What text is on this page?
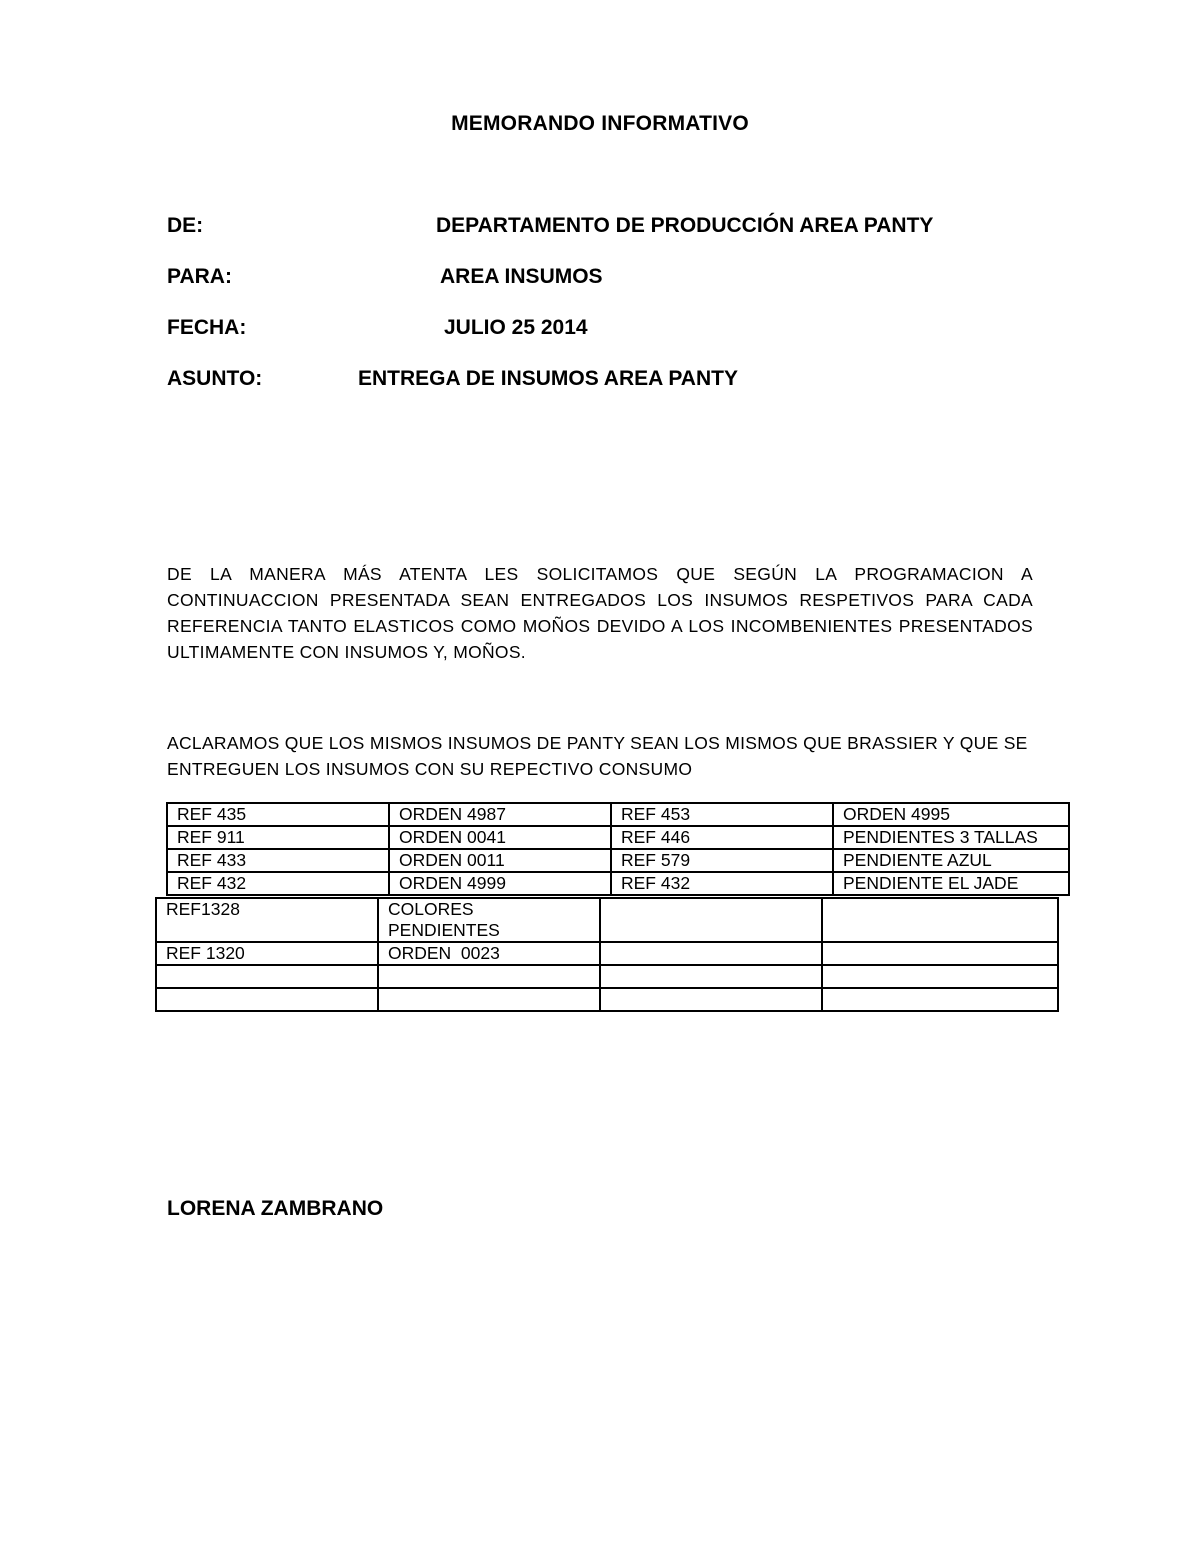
MEMORANDO INFORMATIVO
DE:	DEPARTAMENTO DE PRODUCCIÓN AREA PANTY
PARA:	AREA INSUMOS
FECHA:	JULIO 25 2014
ASUNTO:	ENTREGA DE INSUMOS AREA PANTY

DE LA MANERA MÁS ATENTA LES SOLICITAMOS QUE SEGÚN LA PROGRAMACION A CONTINUACCION PRESENTADA SEAN ENTREGADOS LOS INSUMOS RESPETIVOS PARA CADA REFERENCIA TANTO ELASTICOS COMO MOÑOS DEVIDO A LOS INCOMBENIENTES PRESENTADOS ULTIMAMENTE CON INSUMOS Y, MOÑOS.

ACLARAMOS QUE LOS MISMOS INSUMOS DE PANTY SEAN LOS MISMOS QUE BRASSIER Y QUE SE ENTREGUEN LOS INSUMOS CON SU REPECTIVO CONSUMO

REF 435	ORDEN 4987	REF 453	ORDEN 4995
REF 911	ORDEN 0041	REF 446	PENDIENTES 3 TALLAS
REF 433	ORDEN 0011	REF 579	PENDIENTE AZUL
REF 432	ORDEN 4999	REF 432	PENDIENTE EL JADE
REF1328	COLORES PENDIENTES		
REF 1320	ORDEN  0023		

LORENA ZAMBRANO
